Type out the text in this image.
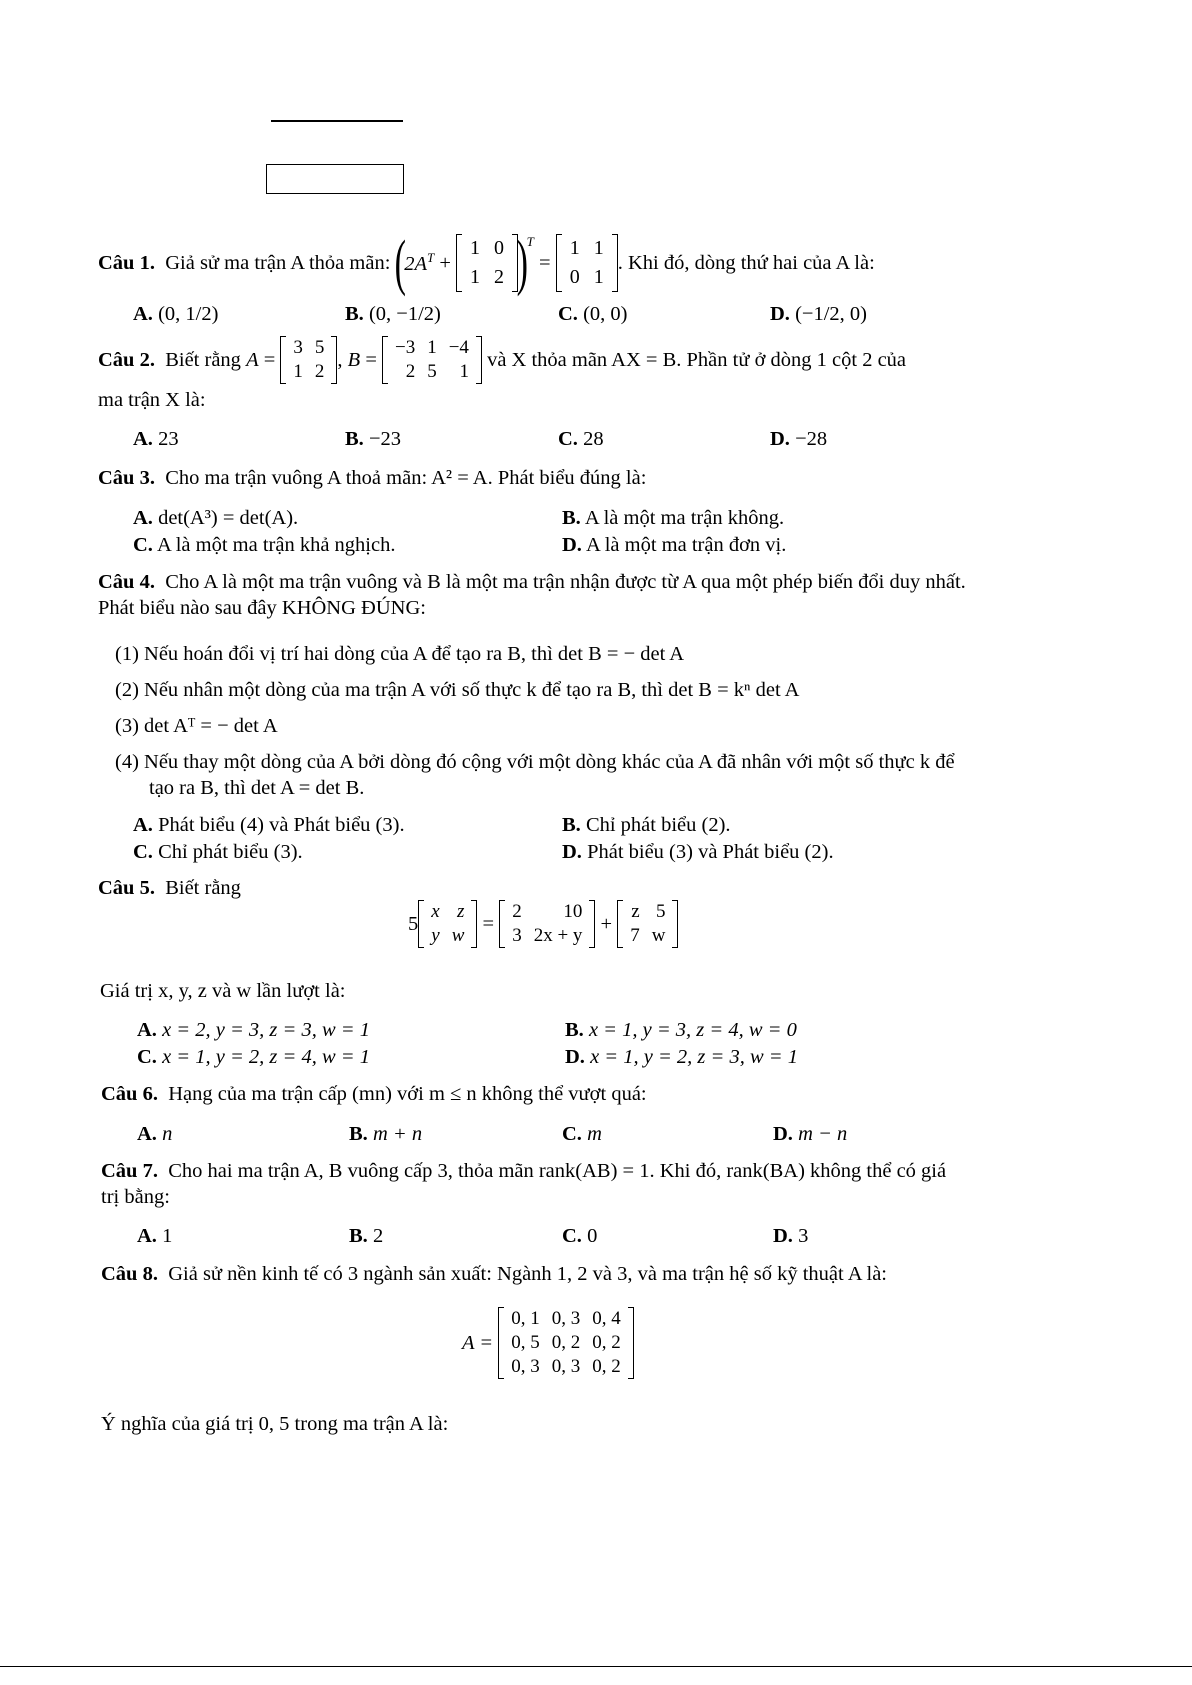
Câu 1.
Giả sử ma trận A thỏa mãn:
(
$2A^T$ +
1	0
1	2 )
T
=
1	1
0	1
. Khi đó, dòng thứ hai của A là:
A. (0, 1/2)	B. (0, −1/2)	C. (0, 0)	D. (−1/2, 0)
Câu 2.
Biết rằng
A =
3	5
1	2
, B =
−3	1	−4
2	5	1

và X thỏa mãn AX = B. Phần tử ở dòng 1 cột 2 của
ma trận X là:
A. 23	B. −23	C. 28	D. −28
Câu 3. Cho ma trận vuông A thoả mãn: A² = A. Phát biểu đúng là:
A. det(A³) = det(A).	B. A là một ma trận không.
C. A là một ma trận khả nghịch.	D. A là một ma trận đơn vị.
Câu 4. Cho A là một ma trận vuông và B là một ma trận nhận được từ A qua một phép biến đổi duy nhất.
Phát biểu nào sau đây KHÔNG ĐÚNG:
(1) Nếu hoán đổi vị trí hai dòng của A để tạo ra B, thì det B = − det A
(2) Nếu nhân một dòng của ma trận A với số thực k để tạo ra B, thì det B = kⁿ det A
(3) det Aᵀ = − det A
(4) Nếu thay một dòng của A bởi dòng đó cộng với một dòng khác của A đã nhân với một số thực k để
tạo ra B, thì det A = det B.
A. Phát biểu (4) và Phát biểu (3).	B. Chỉ phát biểu (2).
C. Chỉ phát biểu (3).	D. Phát biểu (3) và Phát biểu (2).
Câu 5. Biết rằng
5
x	z
y	w
=
2	10
3	2x + y
+
z	5
7	w
Giá trị x, y, z và w lần lượt là:
A. x = 2, y = 3, z = 3, w = 1	B. x = 1, y = 3, z = 4, w = 0
C. x = 1, y = 2, z = 4, w = 1	D. x = 1, y = 2, z = 3, w = 1
Câu 6. Hạng của ma trận cấp (mn) với m ≤ n không thể vượt quá:
A. n	B. m + n	C. m	D. m − n
Câu 7. Cho hai ma trận A, B vuông cấp 3, thỏa mãn rank(AB) = 1. Khi đó, rank(BA) không thể có giá
trị bằng:
A. 1	B. 2	C. 0	D. 3
Câu 8. Giả sử nền kinh tế có 3 ngành sản xuất: Ngành 1, 2 và 3, và ma trận hệ số kỹ thuật A là:
A =

0, 1	0, 3	0, 4
0, 5	0, 2	0, 2
0, 3	0, 3	0, 2
Ý nghĩa của giá trị 0, 5 trong ma trận A là:
